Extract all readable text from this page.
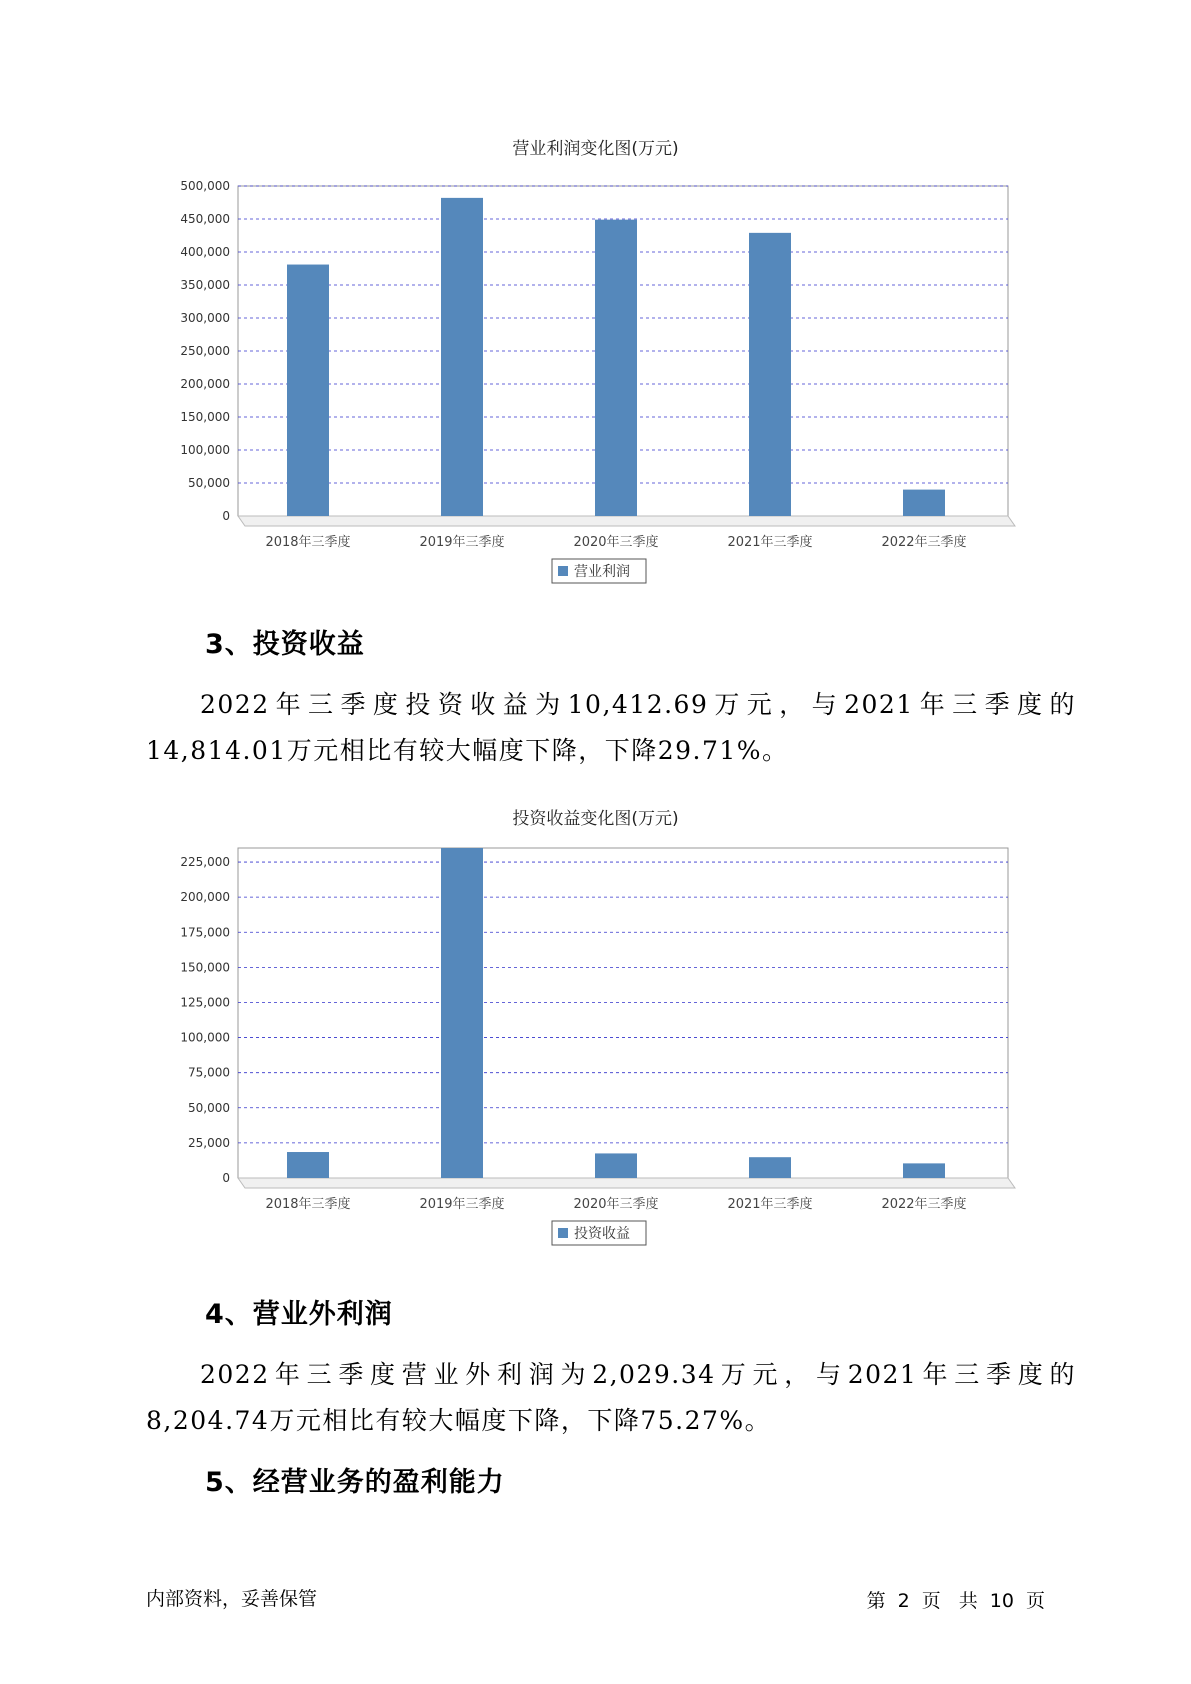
营业利润变化图(万元)
0
50,000
100,000
150,000
200,000
250,000
300,000
350,000
400,000
450,000
500,000
2018年三季度	2019年三季度	2020年三季度	2021年三季度	2022年三季度
营业利润
3、投资收益
2022年三季度投资收益为10,412.69万元，与2021年三季度的14,814.01万元相比有较大幅度下降，下降29.71%。
投资收益变化图(万元)
0
25,000
50,000
75,000
100,000
125,000
150,000
175,000
200,000
225,000
2018年三季度	2019年三季度	2020年三季度	2021年三季度	2022年三季度
投资收益
4、营业外利润
2022年三季度营业外利润为2,029.34万元，与2021年三季度的8,204.74万元相比有较大幅度下降，下降75.27%。
5、经营业务的盈利能力
内部资料，妥善保管	第 2 页 共 10 页
